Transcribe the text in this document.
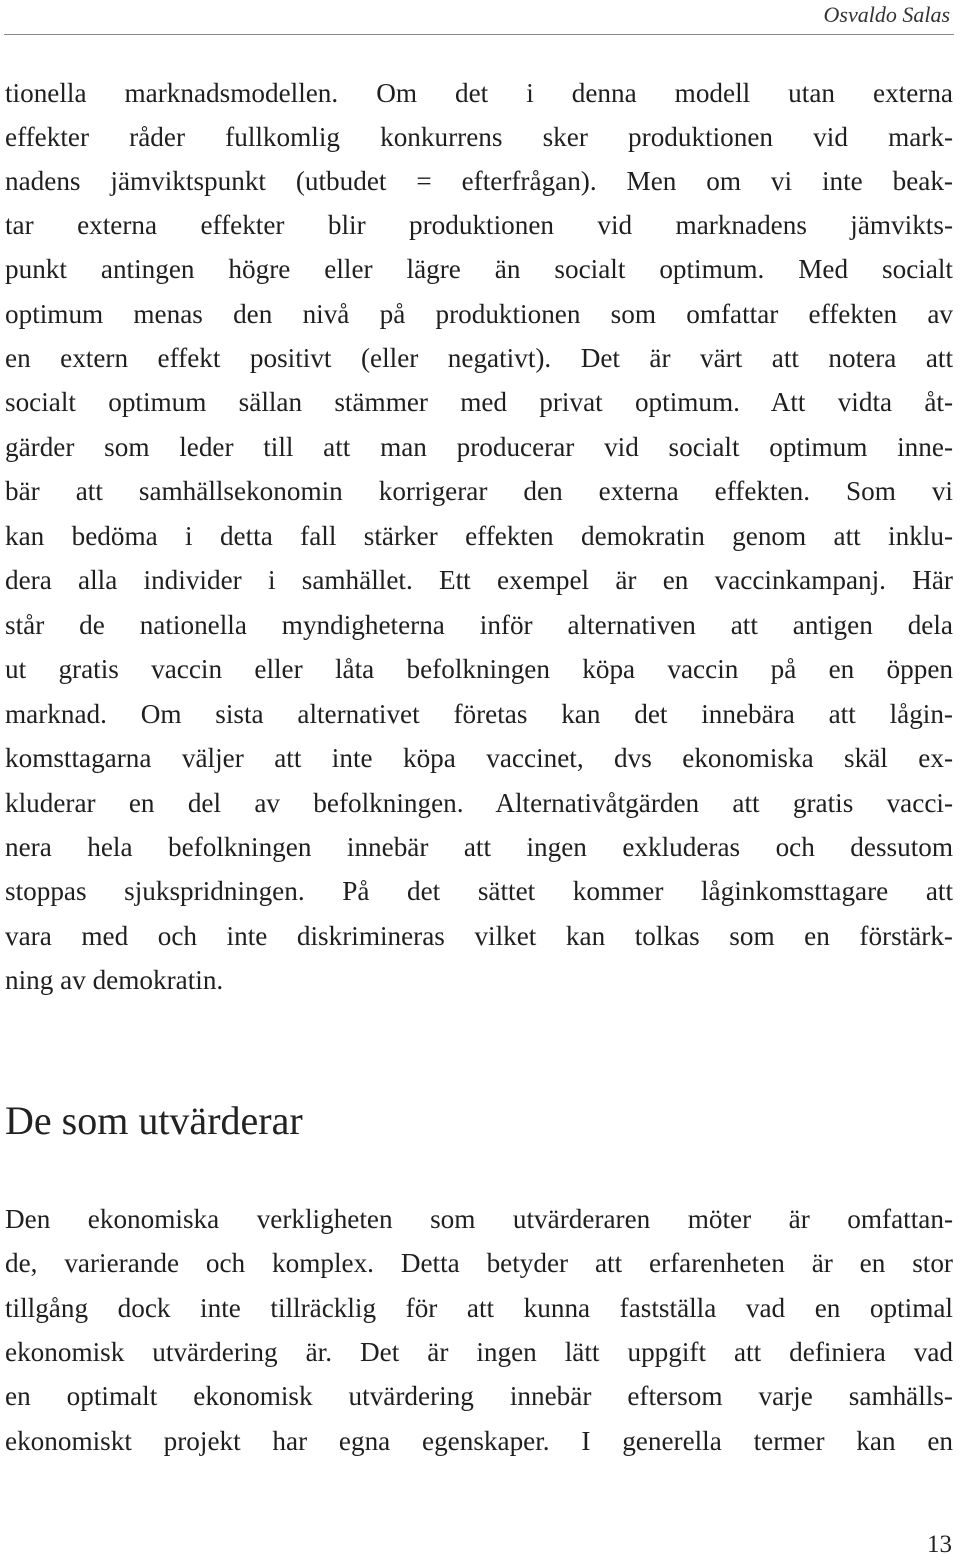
Osvaldo Salas
tionella marknadsmodellen. Om det i denna modell utan externa
effekter råder fullkomlig konkurrens sker produktionen vid mark-
nadens jämviktspunkt (utbudet = efterfrågan). Men om vi inte beak-
tar externa effekter blir produktionen vid marknadens jämvikts-
punkt antingen högre eller lägre än socialt optimum. Med socialt
optimum menas den nivå på produktionen som omfattar effekten av
en extern effekt positivt (eller negativt). Det är värt att notera att
socialt optimum sällan stämmer med privat optimum. Att vidta åt-
gärder som leder till att man producerar vid socialt optimum inne-
bär att samhällsekonomin korrigerar den externa effekten. Som vi
kan bedöma i detta fall stärker effekten demokratin genom att inklu-
dera alla individer i samhället. Ett exempel är en vaccinkampanj. Här
står de nationella myndigheterna inför alternativen att antigen dela
ut gratis vaccin eller låta befolkningen köpa vaccin på en öppen
marknad. Om sista alternativet företas kan det innebära att lågin-
komsttagarna väljer att inte köpa vaccinet, dvs ekonomiska skäl ex-
kluderar en del av befolkningen. Alternativåtgärden att gratis vacci-
nera hela befolkningen innebär att ingen exkluderas och dessutom
stoppas sjukspridningen. På det sättet kommer låginkomsttagare att
vara med och inte diskrimineras vilket kan tolkas som en förstärk-
ning av demokratin.
De som utvärderar
Den ekonomiska verkligheten som utvärderaren möter är omfattan-
de, varierande och komplex. Detta betyder att erfarenheten är en stor
tillgång dock inte tillräcklig för att kunna fastställa vad en optimal
ekonomisk utvärdering är. Det är ingen lätt uppgift att definiera vad
en optimalt ekonomisk utvärdering innebär eftersom varje samhälls-
ekonomiskt projekt har egna egenskaper. I generella termer kan en
13
